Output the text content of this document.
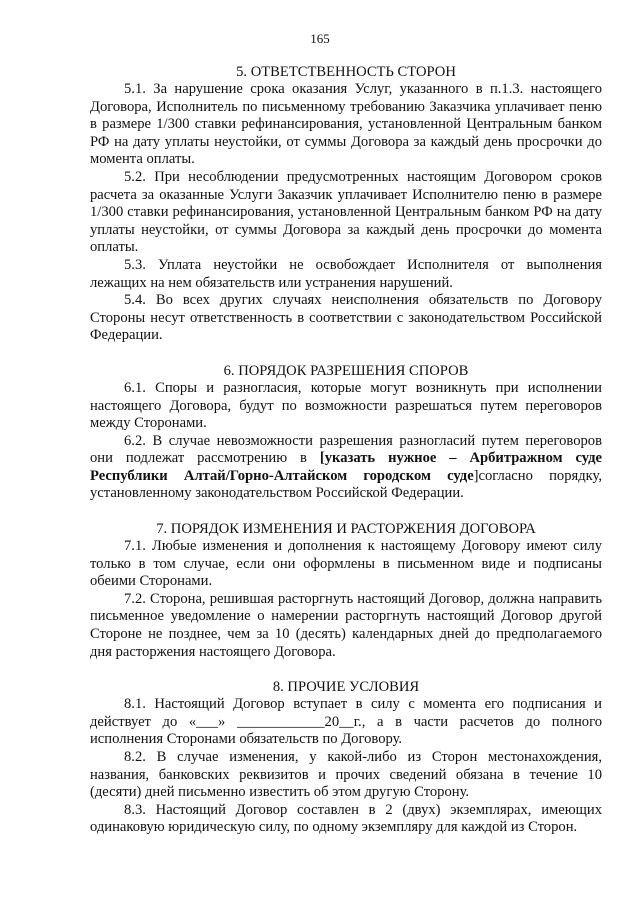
165
5. ОТВЕТСТВЕННОСТЬ СТОРОН

5.1. За нарушение срока оказания Услуг, указанного в п.1.3. настоящего Договора, Исполнитель по письменному требованию Заказчика уплачивает пеню в размере 1/300 ставки рефинансирования, установленной Центральным банком РФ на дату уплаты неустойки, от суммы Договора за каждый день просрочки до момента оплаты.

5.2. При несоблюдении предусмотренных настоящим Договором сроков расчета за оказанные Услуги Заказчик уплачивает Исполнителю пеню в размере 1/300 ставки рефинансирования, установленной Центральным банком РФ на дату уплаты неустойки, от суммы Договора за каждый день просрочки до момента оплаты.

5.3. Уплата неустойки не освобождает Исполнителя от выполнения лежащих на нем обязательств или устранения нарушений.

5.4. Во всех других случаях неисполнения обязательств по Договору Стороны несут ответственность в соответствии с законодательством Российской Федерации.

6. ПОРЯДОК РАЗРЕШЕНИЯ СПОРОВ

6.1. Споры и разногласия, которые могут возникнуть при исполнении настоящего Договора, будут по возможности разрешаться путем переговоров между Сторонами.

6.2. В случае невозможности разрешения разногласий путем переговоров они подлежат рассмотрению в [указать нужное – Арбитражном суде Республики Алтай/Горно-Алтайском городском суде]согласно порядку, установленному законодательством Российской Федерации.

7. ПОРЯДОК ИЗМЕНЕНИЯ И РАСТОРЖЕНИЯ ДОГОВОРА

7.1. Любые изменения и дополнения к настоящему Договору имеют силу только в том случае, если они оформлены в письменном виде и подписаны обеими Сторонами.

7.2. Сторона, решившая расторгнуть настоящий Договор, должна направить письменное уведомление о намерении расторгнуть настоящий Договор другой Стороне не позднее, чем за 10 (десять) календарных дней до предполагаемого дня расторжения настоящего Договора.

8. ПРОЧИЕ УСЛОВИЯ

8.1. Настоящий Договор вступает в силу с момента его подписания и действует до «___» ____________20__г., а в части расчетов до полного исполнения Сторонами обязательств по Договору.

8.2. В случае изменения, у какой-либо из Сторон местонахождения, названия, банковских реквизитов и прочих сведений обязана в течение 10 (десяти) дней письменно известить об этом другую Сторону.

8.3. Настоящий Договор составлен в 2 (двух) экземплярах, имеющих одинаковую юридическую силу, по одному экземпляру для каждой из Сторон.
